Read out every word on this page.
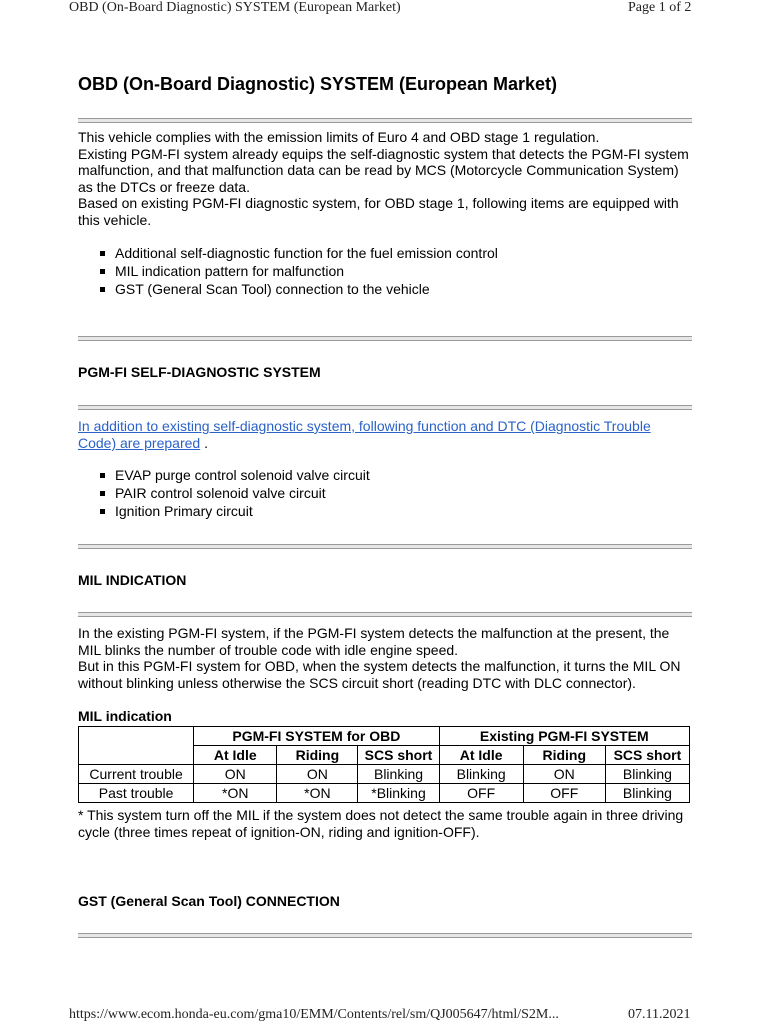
OBD (On-Board Diagnostic) SYSTEM (European Market)	Page 1 of 2
OBD (On-Board Diagnostic) SYSTEM (European Market)

This vehicle complies with the emission limits of Euro 4 and OBD stage 1 regulation.

Existing PGM-FI system already equips the self-diagnostic system that detects the PGM-FI system malfunction, and that malfunction data can be read by MCS (Motorcycle Communication System) as the DTCs or freeze data.

Based on existing PGM-FI diagnostic system, for OBD stage 1, following items are equipped with this vehicle.

Additional self-diagnostic function for the fuel emission control
MIL indication pattern for malfunction
GST (General Scan Tool) connection to the vehicle
PGM-FI SELF-DIAGNOSTIC SYSTEM
In addition to existing self-diagnostic system, following function and DTC (Diagnostic Trouble Code) are prepared .
EVAP purge control solenoid valve circuit
PAIR control solenoid valve circuit
Ignition Primary circuit
MIL INDICATION

In the existing PGM-FI system, if the PGM-FI system detects the malfunction at the present, the MIL blinks the number of trouble code with idle engine speed.

But in this PGM-FI system for OBD, when the system detects the malfunction, it turns the MIL ON without blinking unless otherwise the SCS circuit short (reading DTC with DLC connector).

MIL indication
	PGM-FI SYSTEM for OBD			Existing PGM-FI SYSTEM		
	At Idle	Riding	SCS short	At Idle	Riding	SCS short
Current trouble	ON	ON	Blinking	Blinking	ON	Blinking
Past trouble	*ON	*ON	*Blinking	OFF	OFF	Blinking
* This system turn off the MIL if the system does not detect the same trouble again in three driving cycle (three times repeat of ignition-ON, riding and ignition-OFF).
GST (General Scan Tool) CONNECTION
https://www.ecom.honda-eu.com/gma10/EMM/Contents/rel/sm/QJ005647/html/S2M...	07.11.2021
